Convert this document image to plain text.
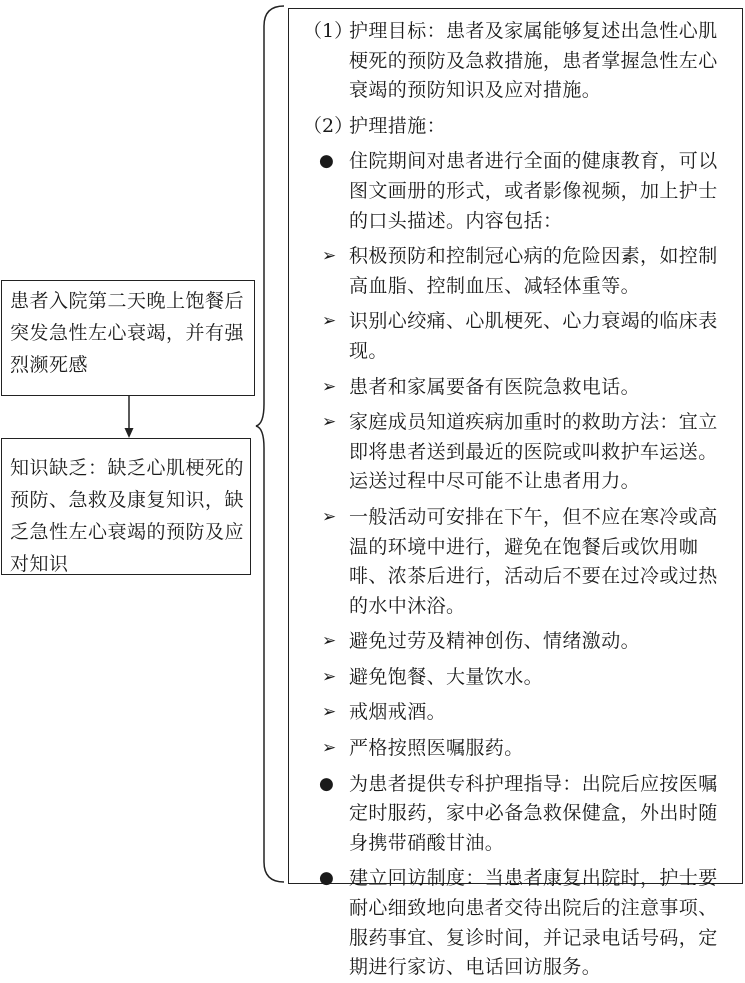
患者入院第二天晚上饱餐后突发急性左心衰竭，并有强烈濒死感
知识缺乏：缺乏心肌梗死的预防、急救及康复知识，缺乏急性左心衰竭的预防及应对知识
（1）
护理目标：患者及家属能够复述出急性心肌梗死的预防及急救措施，患者掌握急性左心衰竭的预防知识及应对措施。
（2）
护理措施：
● 住院期间对患者进行全面的健康教育，可以图文画册的形式，或者影像视频，加上护士的口头描述。内容包括：
➢ 积极预防和控制冠心病的危险因素，如控制高血脂、控制血压、减轻体重等。
➢ 识别心绞痛、心肌梗死、心力衰竭的临床表现。
➢ 患者和家属要备有医院急救电话。
➢ 家庭成员知道疾病加重时的救助方法：宜立即将患者送到最近的医院或叫救护车运送。运送过程中尽可能不让患者用力。
➢ 一般活动可安排在下午，但不应在寒冷或高温的环境中进行，避免在饱餐后或饮用咖啡、浓茶后进行，活动后不要在过冷或过热的水中沐浴。
➢ 避免过劳及精神创伤、情绪激动。
➢ 避免饱餐、大量饮水。
➢ 戒烟戒酒。
➢ 严格按照医嘱服药。
● 为患者提供专科护理指导：出院后应按医嘱定时服药，家中必备急救保健盒，外出时随身携带硝酸甘油。
● 建立回访制度：当患者康复出院时，护士要耐心细致地向患者交待出院后的注意事项、服药事宜、复诊时间，并记录电话号码，定期进行家访、电话回访服务。
